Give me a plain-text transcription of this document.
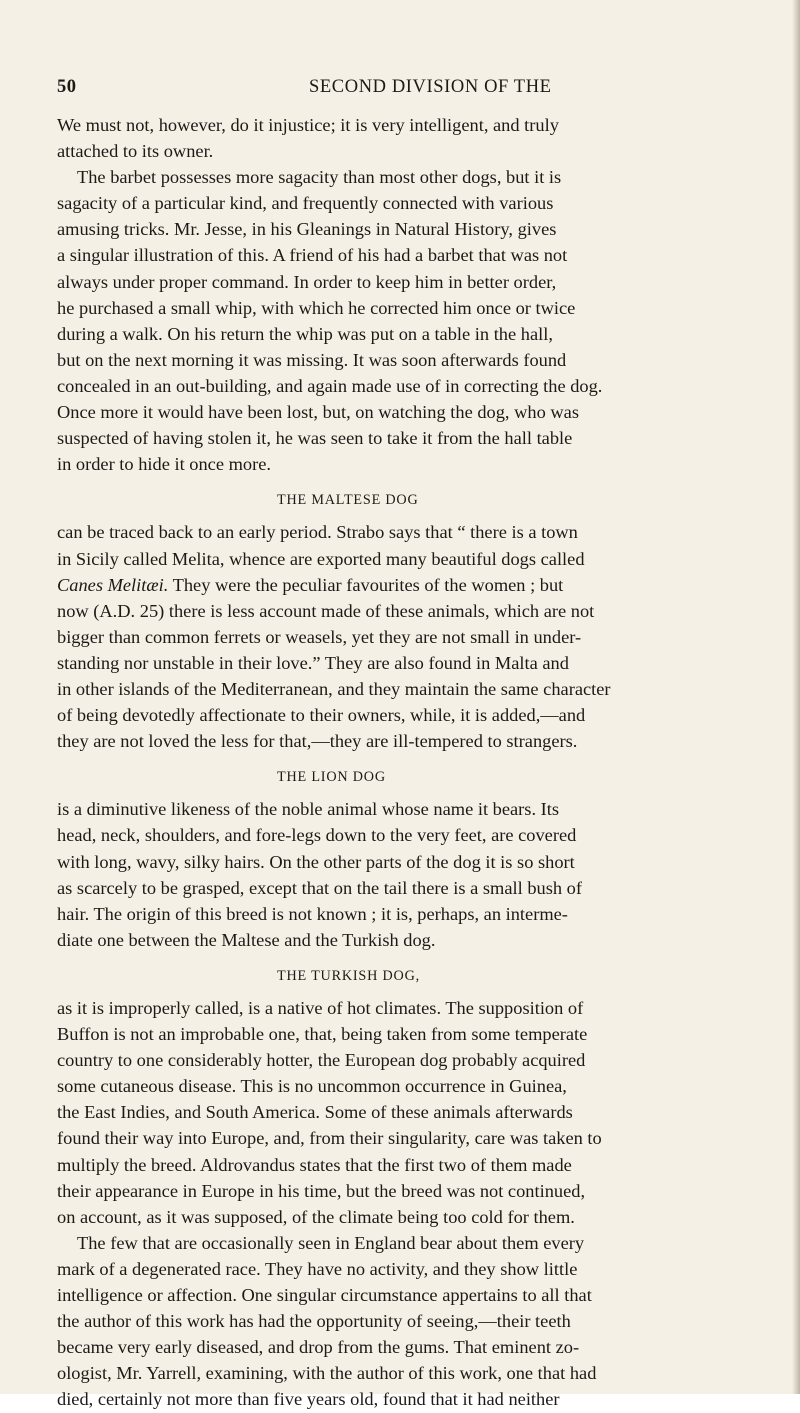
50	SECOND DIVISION OF THE
We must not, however, do it injustice; it is very intelligent, and truly
attached to its owner.
The barbet possesses more sagacity than most other dogs, but it is
sagacity of a particular kind, and frequently connected with various
amusing tricks. Mr. Jesse, in his Gleanings in Natural History, gives
a singular illustration of this. A friend of his had a barbet that was not
always under proper command. In order to keep him in better order,
he purchased a small whip, with which he corrected him once or twice
during a walk. On his return the whip was put on a table in the hall,
but on the next morning it was missing. It was soon afterwards found
concealed in an out-building, and again made use of in correcting the dog.
Once more it would have been lost, but, on watching the dog, who was
suspected of having stolen it, he was seen to take it from the hall table
in order to hide it once more.
THE MALTESE DOG
can be traced back to an early period. Strabo says that “ there is a town
in Sicily called Melita, whence are exported many beautiful dogs called
Canes Melitæi. They were the peculiar favourites of the women ; but
now (A.D. 25) there is less account made of these animals, which are not
bigger than common ferrets or weasels, yet they are not small in under-
standing nor unstable in their love.” They are also found in Malta and
in other islands of the Mediterranean, and they maintain the same character
of being devotedly affectionate to their owners, while, it is added,—and
they are not loved the less for that,—they are ill-tempered to strangers.
THE LION DOG
is a diminutive likeness of the noble animal whose name it bears. Its
head, neck, shoulders, and fore-legs down to the very feet, are covered
with long, wavy, silky hairs. On the other parts of the dog it is so short
as scarcely to be grasped, except that on the tail there is a small bush of
hair. The origin of this breed is not known ; it is, perhaps, an interme-
diate one between the Maltese and the Turkish dog.
THE TURKISH DOG,
as it is improperly called, is a native of hot climates. The supposition of
Buffon is not an improbable one, that, being taken from some temperate
country to one considerably hotter, the European dog probably acquired
some cutaneous disease. This is no uncommon occurrence in Guinea,
the East Indies, and South America. Some of these animals afterwards
found their way into Europe, and, from their singularity, care was taken to
multiply the breed. Aldrovandus states that the first two of them made
their appearance in Europe in his time, but the breed was not continued,
on account, as it was supposed, of the climate being too cold for them.
The few that are occasionally seen in England bear about them every
mark of a degenerated race. They have no activity, and they show little
intelligence or affection. One singular circumstance appertains to all that
the author of this work has had the opportunity of seeing,—their teeth
became very early diseased, and drop from the gums. That eminent zo-
ologist, Mr. Yarrell, examining, with the author of this work, one that had
died, certainly not more than five years old, found that it had neither
